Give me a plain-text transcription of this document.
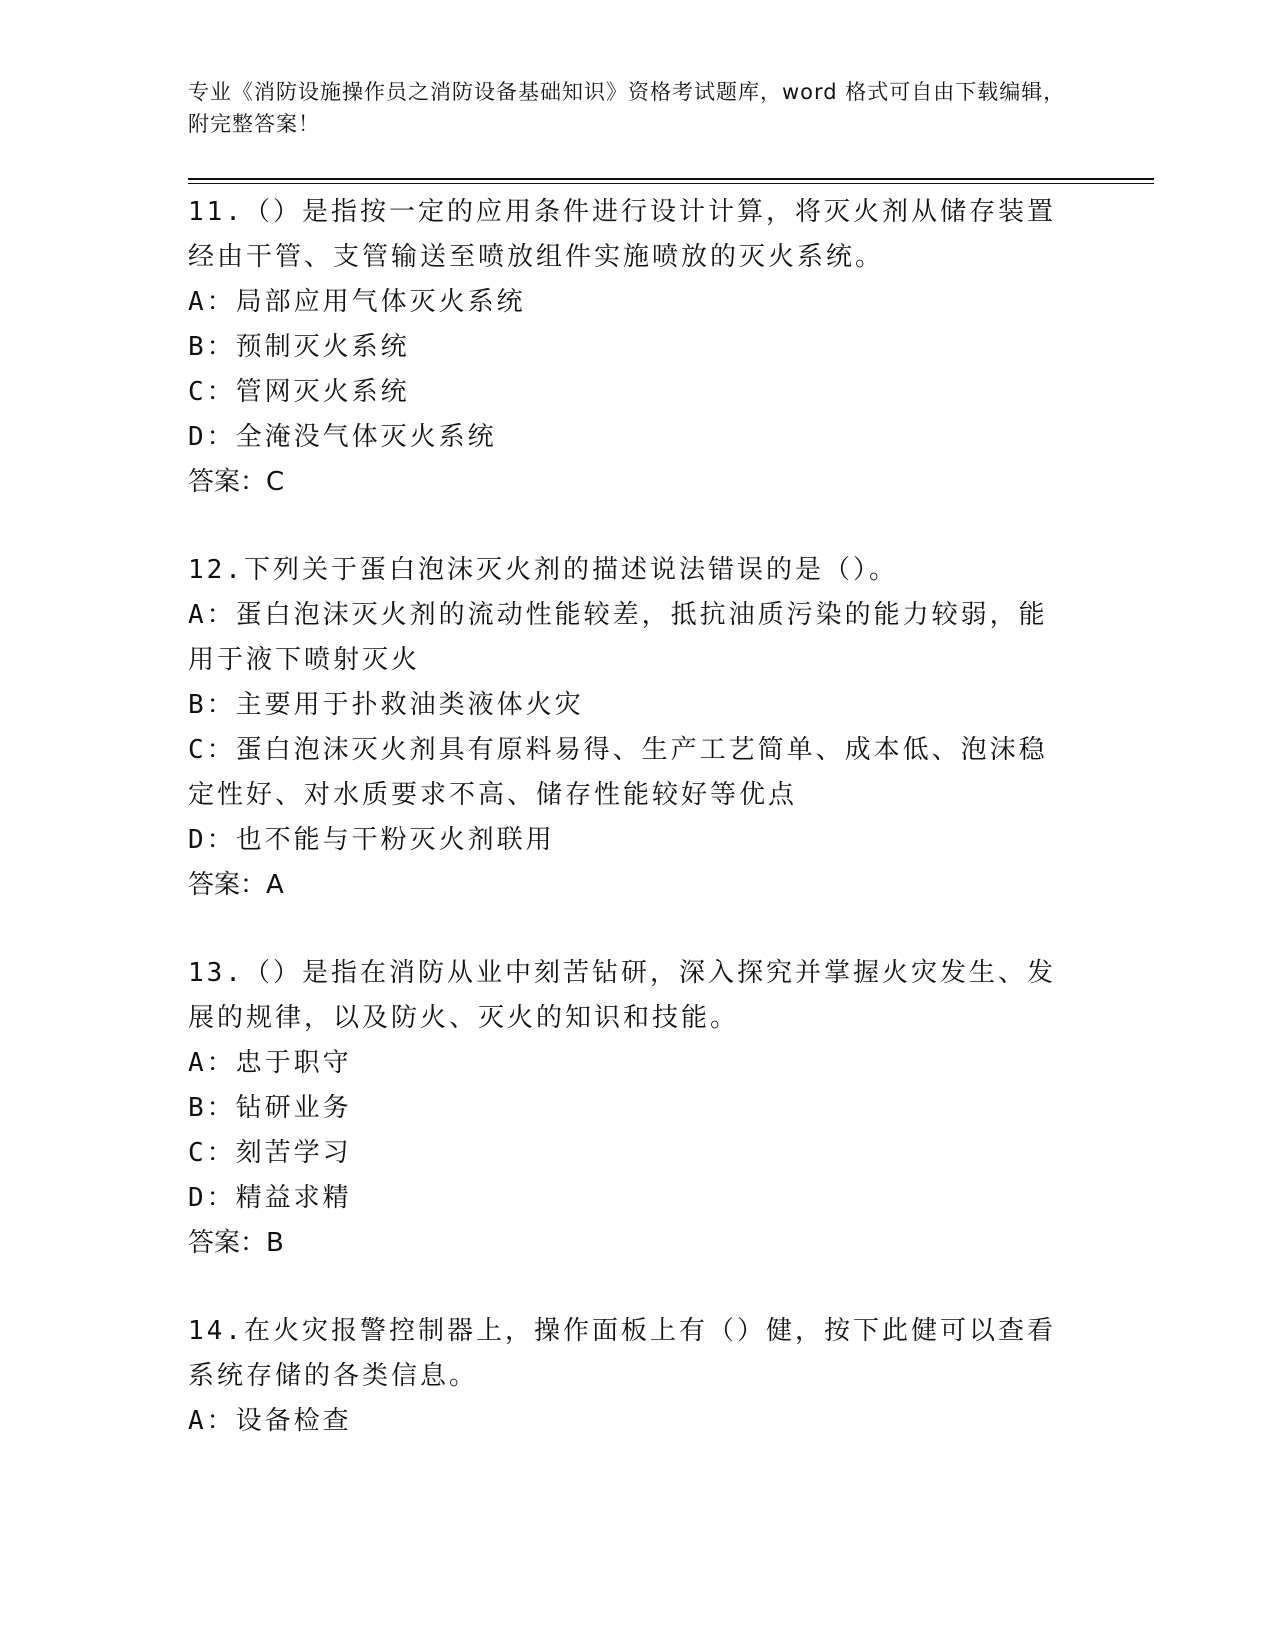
专业《消防设施操作员之消防设备基础知识》资格考试题库，word 格式可自由下载编辑，附完整答案！
11.（）是指按一定的应用条件进行设计计算，将灭火剂从储存装置经由干管、支管输送至喷放组件实施喷放的灭火系统。
A：局部应用气体灭火系统
B：预制灭火系统
C：管网灭火系统
D：全淹没气体灭火系统
答案：C
12.下列关于蛋白泡沫灭火剂的描述说法错误的是（）。
A：蛋白泡沫灭火剂的流动性能较差，抵抗油质污染的能力较弱，能用于液下喷射灭火
B：主要用于扑救油类液体火灾
C：蛋白泡沫灭火剂具有原料易得、生产工艺简单、成本低、泡沫稳定性好、对水质要求不高、储存性能较好等优点
D：也不能与干粉灭火剂联用
答案：A
13.（）是指在消防从业中刻苦钻研，深入探究并掌握火灾发生、发展的规律，以及防火、灭火的知识和技能。
A：忠于职守
B：钻研业务
C：刻苦学习
D：精益求精
答案：B
14.在火灾报警控制器上，操作面板上有（）健，按下此健可以查看系统存储的各类信息。
A：设备检查
